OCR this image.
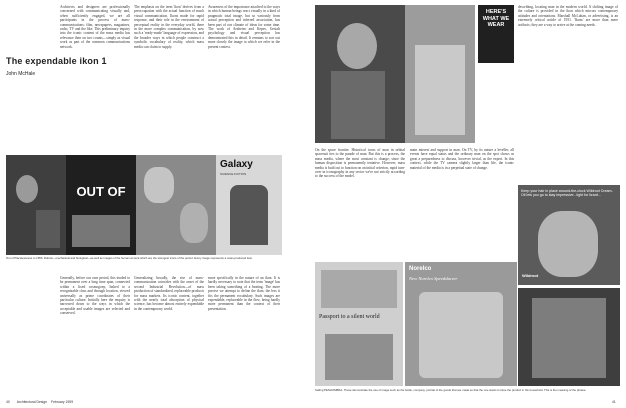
The expendable ikon 1
John McHale
Architects and designers are professionally concerned with communicating visually and, when sufficiently engaged, we are all participants in the process of mass-communications: film, newspapers, magazines, radio, TV and the like. This preliminary inquiry into the iconic content of the mass media has relevance then on two counts—simply as visual work as part of the common communications network.
The emphasis on the term 'ikon' derives from a preoccupation with the actual function of much visual communication. Ikons made for rapid response, and their role in the environment of perceptual reality in the everyday world, there in the more complex communication, by now such a 'ready-made' language of expression, and the broader ways in which people construct a symbolic vocabulary of reality, which mass media can claim to supply.
Awareness of the importance attached to the ways in which human beings react visually in a kind of pragmatic total image, but so variously from actual perception and inferred association, has been part of our climate of ideas for some time. The work of Arnheim and Kepes, Gestalt psychology and visual perception has demonstrated this in detail. It remains to sort out more closely the image to which we refer in the present context.
OUT OF
Galaxy
SCIENCE FICTION
Out of Placelessness to 1956. Robots—mechanical and biological—as well as images of the human at work which are the strongest icons of the period. Every image represents a mass-produced ikon.
Generally, before our own period, this tended to be permanent over a long time span, connected within a fixed cosmogony, linked to a recognizable class and through location, viewed universally as prime coordinates of their particular culture. Initially here the enquiry is narrowed down to the ways in which the acceptable and usable images are selected and conserved.
Generalizing broadly, the rise of mass-communication coincides with the onset of the second Industrial Revolution—of mass production of standardized, replaceable products for mass markets. Its iconic content, together with the nearly total absorption of physical science, has become almost entirely expendable in the contemporary world.
more specifically in the nature of an ikon. It is hardly necessary to note that the term 'image' has been taking something of a beating. The more precise we attempt to define the ikon, the less it fits the permanent vocabulary. Such images are expendable, replaceable in the flow, being hardly more permanent than the context of their presentation.
40 Architectural Design February 1959
HERE'S WHAT WE WEAR
describing, locating man in the modern world. A shifting image of the culture is provided in the ikon which mirrors contemporary attitudes and orientations. Marshall McLuhan, or advertising, is an extremely critical article of 1951. 'Ikons' are more than mere artifacts; they are a way to arrive at the coming needs.
On the space frontier. Historical icons of man in orbital spacesuit ties to the parade of man. But this is a process, the mass media, where the most constant is change; since the human disposition is permanently tentative. However, mass media is built out to function on an initial criterion, rapid turn-over in iconography in any sector we're not strictly according to the success of the model.
main interest and support in man. On TV, by its nature a leveller, all events have equal status and the ordinary man on the spot shows as great a preparedness to discuss, however trivial, as the expert. In this context, while the TV camera slightly larger than life, the iconic material of the media is in a perpetual state of change.
Keep your hair in place around-the-clock Wildroot Cream-Oil lets you go to stay impressive...light for lizard...
Wildroot
Passport to a silent world
Norelco
New Norelco Speedshaver
Selling PENHOMBRA. These demonstrate the use of image such as the bottle, company, portrait of the goods that are made so that the one wants to have the product in the household. This is the meaning of the phrase.
41
